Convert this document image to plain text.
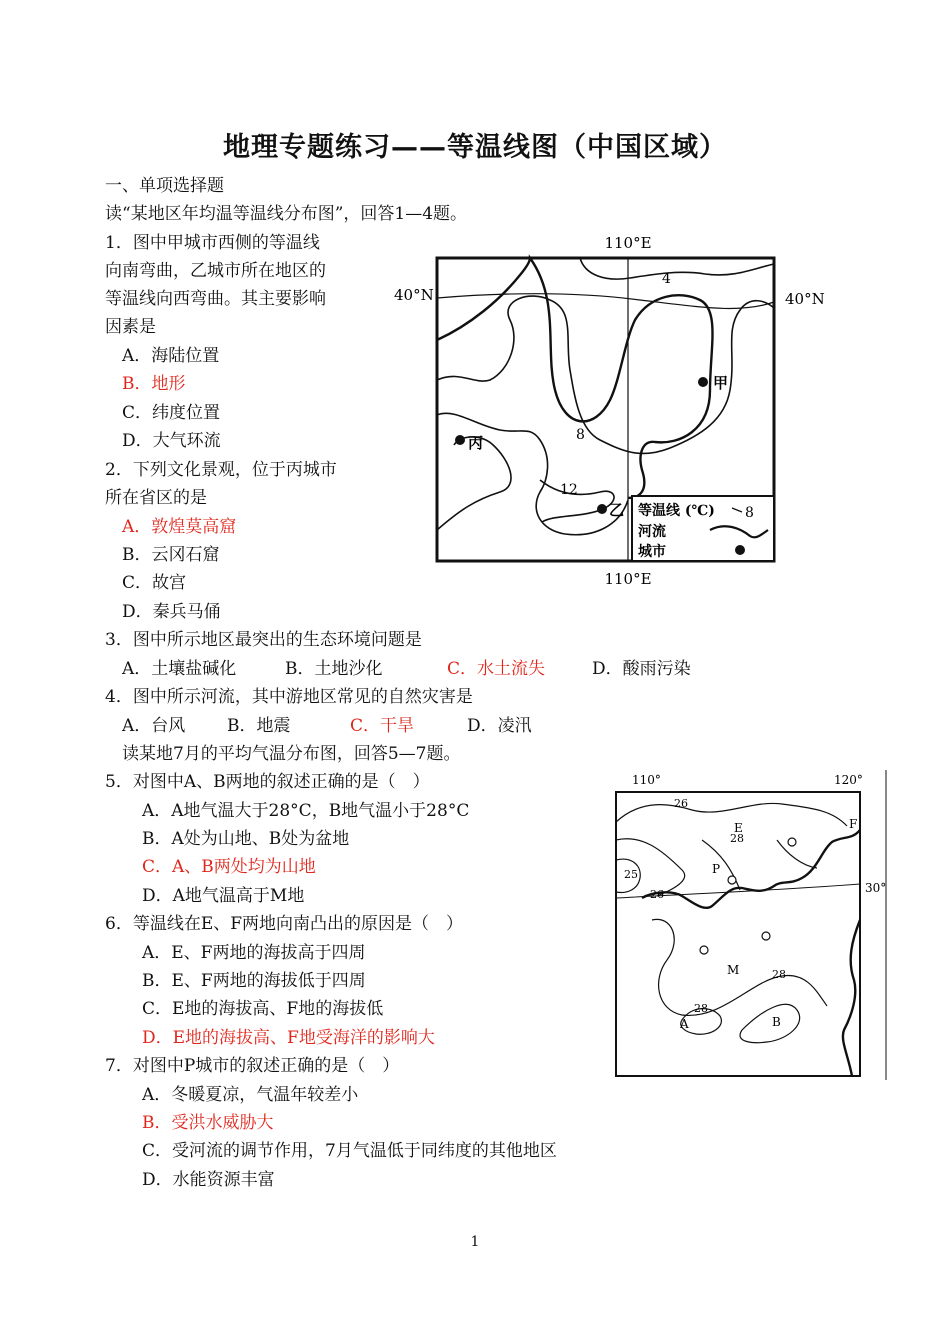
地理专题练习——等温线图（中国区域）
一、单项选择题
读“某地区年均温等温线分布图”，回答1—4题。
1．图中甲城市西侧的等温线
向南弯曲，乙城市所在地区的
等温线向西弯曲。其主要影响
因素是
A．海陆位置
B．地形
C．纬度位置
D．大气环流
2．下列文化景观，位于丙城市
所在省区的是
A．敦煌莫高窟
B．云冈石窟
C．故宫
D．秦兵马俑
3．图中所示地区最突出的生态环境问题是
A．土壤盐碱化	B．土地沙化	C．水土流失	D．酸雨污染
4．图中所示河流，其中游地区常见的自然灾害是
A．台风 B．地震	C．干旱	D．凌汛
读某地7月的平均气温分布图，回答5—7题。
5．对图中A、B两地的叙述正确的是（　）
A．A地气温大于28°C，B地气温小于28°C
B．A处为山地、B处为盆地
C．A、B两处均为山地
D．A地气温高于M地
6．等温线在E、F两地向南凸出的原因是（　）
A．E、F两地的海拔高于四周
B．E、F两地的海拔低于四周
C．E地的海拔高、F地的海拔低
D．E地的海拔高、F地受海洋的影响大
7．对图中P城市的叙述正确的是（　）
A．冬暖夏凉，气温年较差小
B．受洪水威胁大
C．受河流的调节作用，7月气温低于同纬度的其他地区
D．水能资源丰富
110°E
110°E
40°N	40°N
4
8
12
甲
乙
丙
等温线 (℃) 8
河流
城市
110°	120°
30°
26
28
25
26
28
28
E	F
P
M
A	B
1
